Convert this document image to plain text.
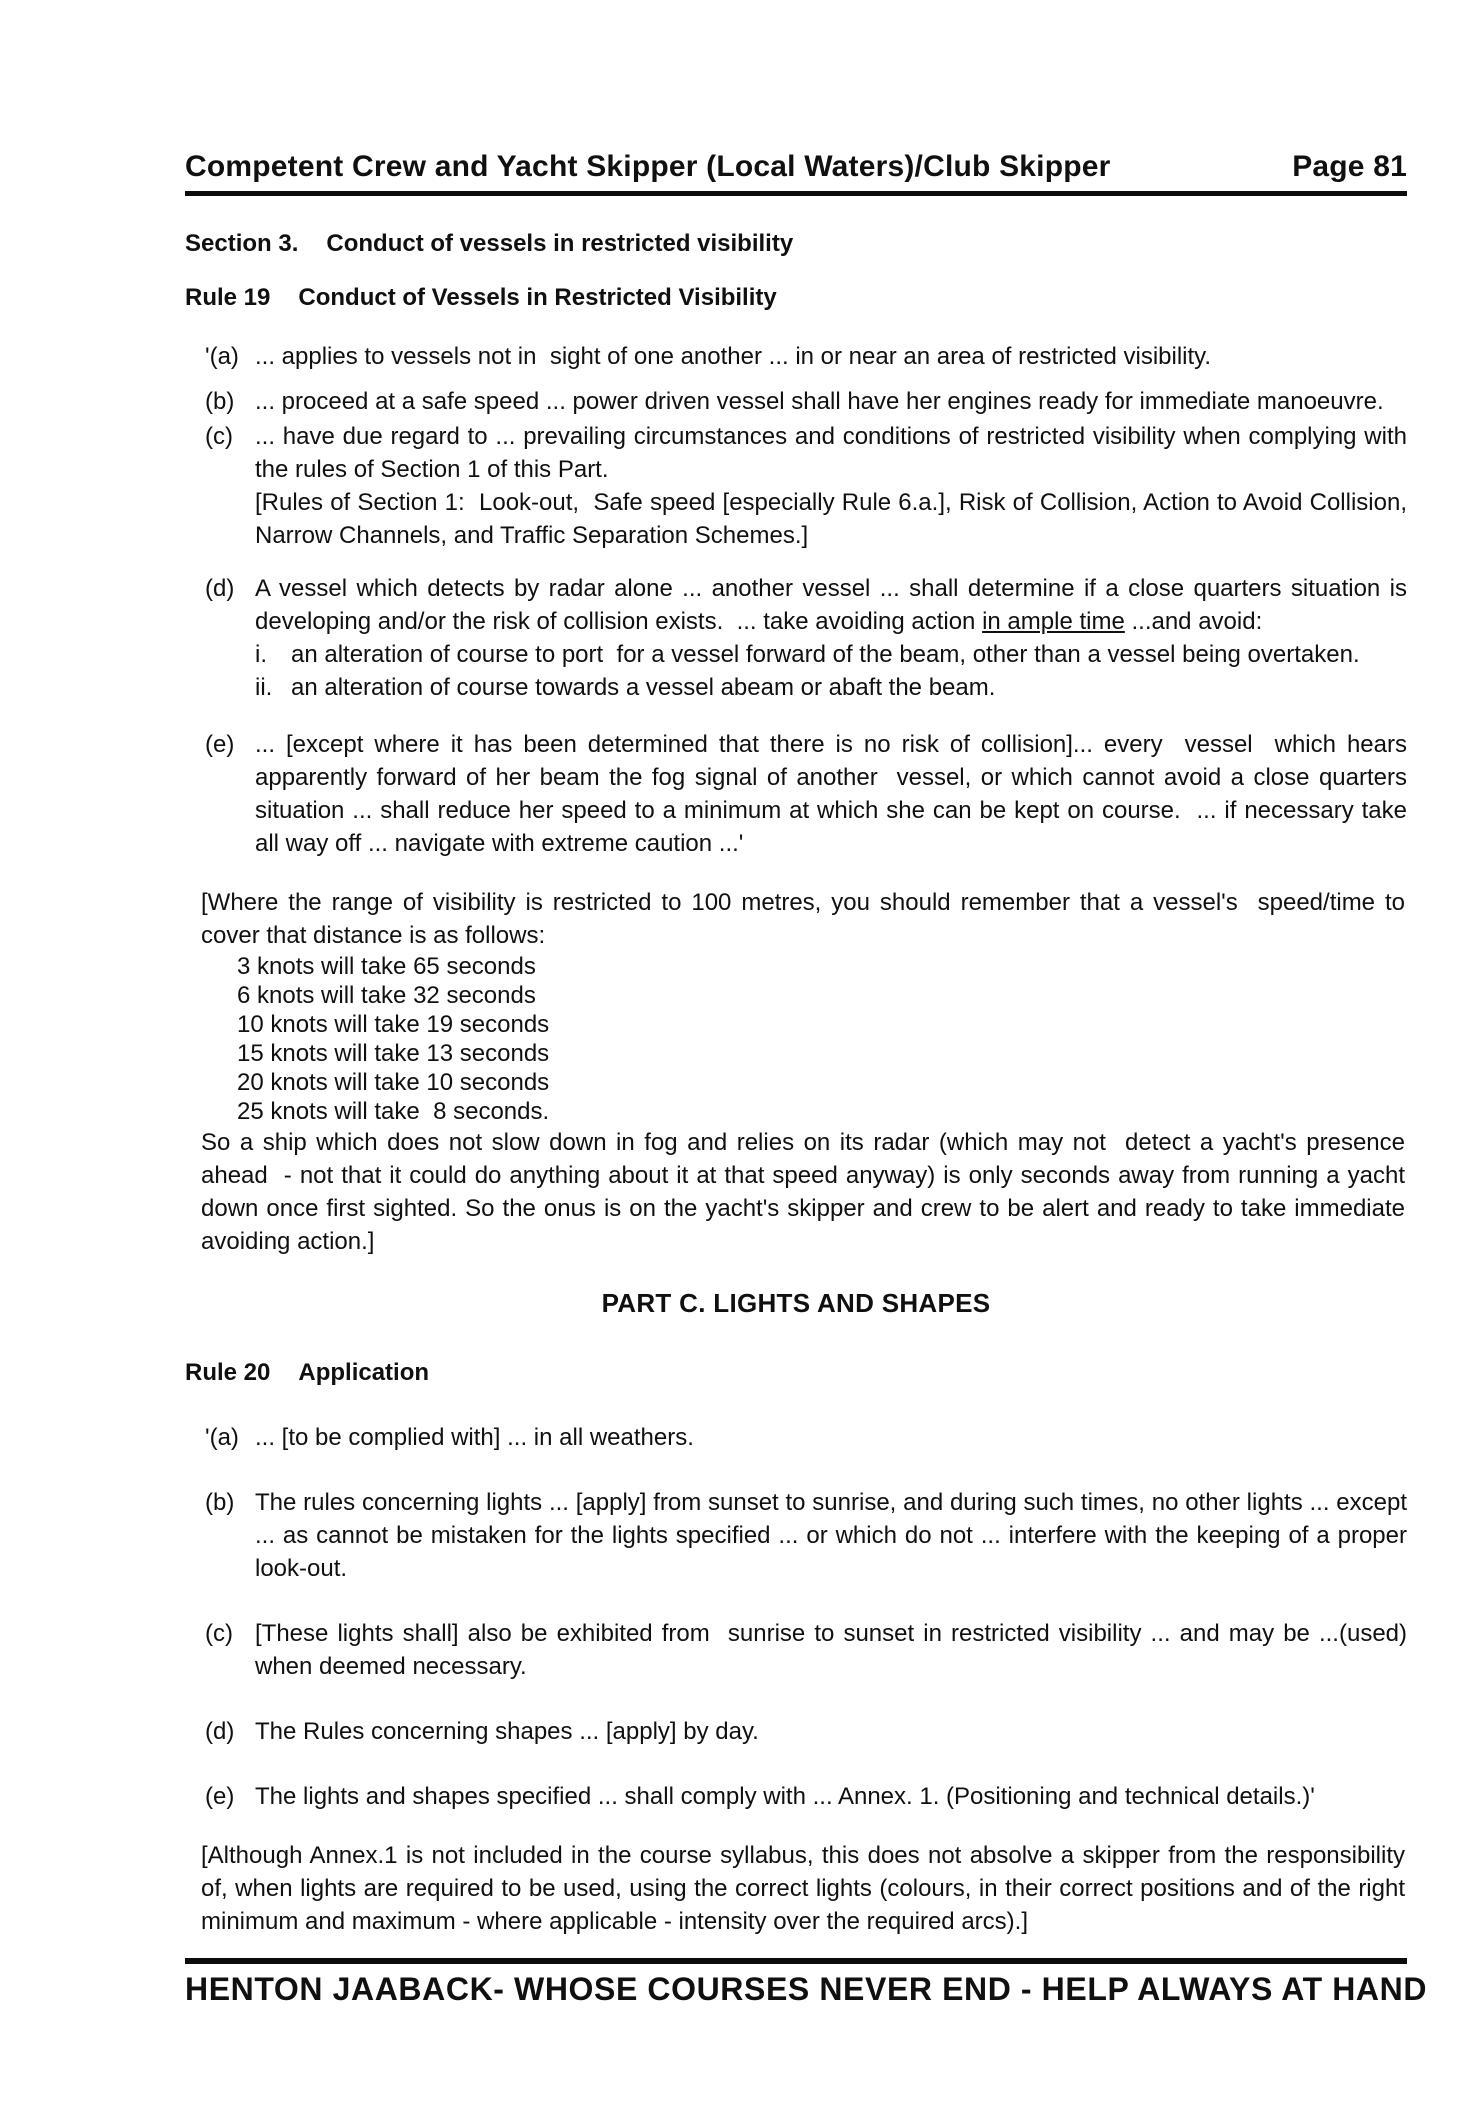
Competent Crew and Yacht Skipper (Local Waters)/Club Skipper	Page 81
Section 3. Conduct of vessels in restricted visibility
Rule 19 Conduct of Vessels in Restricted Visibility
'(a) ... applies to vessels not in  sight of one another ... in or near an area of restricted visibility.
(b) ... proceed at a safe speed ... power driven vessel shall have her engines ready for immediate manoeuvre.
(c) ... have due regard to ... prevailing circumstances and conditions of restricted visibility when complying with the rules of Section 1 of this Part.
[Rules of Section 1:  Look-out,  Safe speed [especially Rule 6.a.], Risk of Collision, Action to Avoid Collision, Narrow Channels, and Traffic Separation Schemes.]
(d) A vessel which detects by radar alone ... another vessel ... shall determine if a close quarters situation is developing and/or the risk of collision exists.  ... take avoiding action in ample time ...and avoid:
i.	an alteration of course to port  for a vessel forward of the beam, other than a vessel being overtaken.
ii. an alteration of course towards a vessel abeam or abaft the beam.
(e) ... [except where it has been determined that there is no risk of collision]... every  vessel  which hears apparently forward of her beam the fog signal of another  vessel, or which cannot avoid a close quarters situation ... shall reduce her speed to a minimum at which she can be kept on course.  ... if necessary take all way off ... navigate with extreme caution ...'
[Where the range of visibility is restricted to 100 metres, you should remember that a vessel's  speed/time to cover that distance is as follows:
3 knots will take 65 seconds
6 knots will take 32 seconds
10 knots will take 19 seconds
15 knots will take 13 seconds
20 knots will take 10 seconds
25 knots will take  8 seconds.
So a ship which does not slow down in fog and relies on its radar (which may not  detect a yacht's presence ahead  - not that it could do anything about it at that speed anyway) is only seconds away from running a yacht down once first sighted. So the onus is on the yacht's skipper and crew to be alert and ready to take immediate avoiding action.]
PART C. LIGHTS AND SHAPES
Rule 20 Application
'(a) ... [to be complied with] ... in all weathers.
(b) The rules concerning lights ... [apply] from sunset to sunrise, and during such times, no other lights ... except ... as cannot be mistaken for the lights specified ... or which do not ... interfere with the keeping of a proper look-out.
(c) [These lights shall] also be exhibited from  sunrise to sunset in restricted visibility ... and may be ...(used) when deemed necessary.
(d) The Rules concerning shapes ... [apply] by day.
(e) The lights and shapes specified ... shall comply with ... Annex. 1. (Positioning and technical details.)'
[Although Annex.1 is not included in the course syllabus, this does not absolve a skipper from the responsibility of, when lights are required to be used, using the correct lights (colours, in their correct positions and of the right minimum and maximum - where applicable - intensity over the required arcs).]
HENTON JAABACK- WHOSE COURSES NEVER END - HELP ALWAYS AT HAND
